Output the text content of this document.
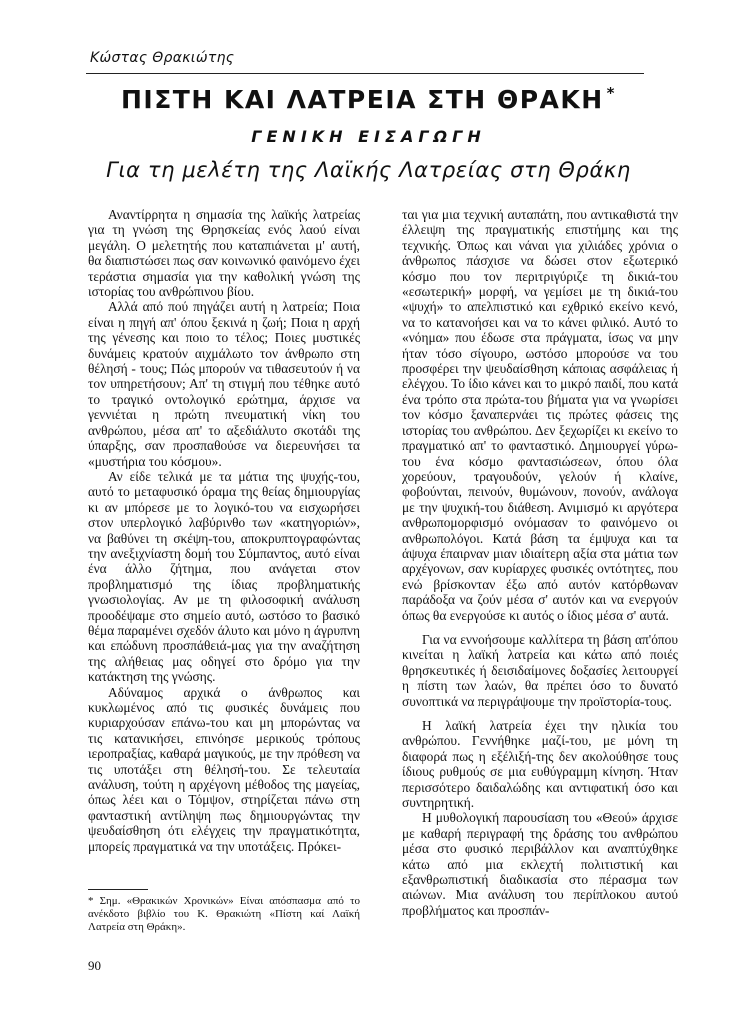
Κώστας Θρακιώτης
ΠΙΣΤΗ ΚΑΙ ΛΑΤΡΕΙΑ ΣΤΗ ΘΡΑΚΗ *
ΓΕΝΙΚΗ ΕΙΣΑΓΩΓΗ
Για τη μελέτη της Λαϊκής Λατρείας στη Θράκη

Αναντίρρητα η σημασία της λαϊκής λατρείας για τη γνώση της Θρησκείας ενός λαού είναι μεγάλη. Ο μελετητής που καταπιάνεται μ' αυτή, θα διαπιστώσει πως σαν κοινωνικό φαινόμενο έχει τεράστια σημασία για την καθολική γνώση της ιστορίας του ανθρώπινου βίου.

Αλλά από πού πηγάζει αυτή η λατρεία; Ποια είναι η πηγή απ' όπου ξεκινά η ζωή; Ποια η αρχή της γένεσης και ποιο το τέλος; Ποιες μυστικές δυνάμεις κρατούν αιχμάλωτο τον άνθρωπο στη θέλησή - τους; Πώς μπορούν να τιθασευτούν ή να τον υπηρετήσουν; Απ' τη στιγμή που τέθηκε αυτό το τραγικό οντολογικό ερώτημα, άρχισε να γεννιέται η πρώτη πνευματική νίκη του ανθρώπου, μέσα απ' το αξεδιάλυτο σκοτάδι της ύπαρξης, σαν προσπαθούσε να διερευνήσει τα «μυστήρια του κόσμου».

Αν είδε τελικά με τα μάτια της ψυχής-του, αυτό το μεταφυσικό όραμα της θείας δημιουργίας κι αν μπόρεσε με το λογικό-του να εισχωρήσει στον υπερλογικό λαβύρινθο των «κατηγοριών», να βαθύνει τη σκέψη-του, αποκρυπτογραφώντας την ανεξιχνίαστη δομή του Σύμπαντος, αυτό είναι ένα άλλο ζήτημα, που ανάγεται στον προβληματισμό της ίδιας προβληματικής γνωσιολογίας. Αν με τη φιλοσοφική ανάλυση προοδέψαμε στο σημείο αυτό, ωστόσο το βασικό θέμα παραμένει σχεδόν άλυτο και μόνο η άγρυπνη και επώδυνη προσπάθειά-μας για την αναζήτηση της αλήθειας μας οδηγεί στο δρόμο για την κατάκτηση της γνώσης.

Αδύναμος αρχικά ο άνθρωπος και κυκλωμένος από τις φυσικές δυνάμεις που κυριαρχούσαν επάνω-του και μη μπορώντας να τις κατανικήσει, επινόησε μερικούς τρόπους ιεροπραξίας, καθαρά μαγικούς, με την πρόθεση να τις υποτάξει στη θέλησή-του. Σε τελευταία ανάλυση, τούτη η αρχέγονη μέθοδος της μαγείας, όπως λέει και ο Τόμψον, στηρίζεται πάνω στη φανταστική αντίληψη πως δημιουργώντας την ψευδαίσθηση ότι ελέγχεις την πραγματικότητα, μπορείς πραγματικά να την υποτάξεις. Πρόκει-

ται για μια τεχνική αυταπάτη, που αντικαθιστά την έλλειψη της πραγματικής επιστήμης και της τεχνικής. Όπως και νάναι για χιλιάδες χρόνια ο άνθρωπος πάσχισε να δώσει στον εξωτερικό κόσμο που τον περιτριγύριζε τη δικιά-του «εσωτερική» μορφή, να γεμίσει με τη δικιά-του «ψυχή» το απελπιστικό και εχθρικό εκείνο κενό, να το κατανοήσει και να το κάνει φιλικό. Αυτό το «νόημα» που έδωσε στα πράγματα, ίσως να μην ήταν τόσο σίγουρο, ωστόσο μπορούσε να του προσφέρει την ψευδαίσθηση κάποιας ασφάλειας ή ελέγχου. Το ίδιο κάνει και το μικρό παιδί, που κατά ένα τρόπο στα πρώτα-του βήματα για να γνωρίσει τον κόσμο ξαναπερνάει τις πρώτες φάσεις της ιστορίας του ανθρώπου. Δεν ξεχωρίζει κι εκείνο το πραγματικό απ' το φανταστικό. Δημιουργεί γύρω-του ένα κόσμο φαντασιώσεων, όπου όλα χορεύουν, τραγουδούν, γελούν ή κλαίνε, φοβούνται, πεινούν, θυμώνουν, πονούν, ανάλογα με την ψυχική-του διάθεση. Ανιμισμό κι αργότερα ανθρωπομορφισμό ονόμασαν το φαινόμενο οι ανθρωπολόγοι. Κατά βάση τα έμψυχα και τα άψυχα έπαιρναν μιαν ιδιαίτερη αξία στα μάτια των αρχέγονων, σαν κυρίαρχες φυσικές οντότητες, που ενώ βρίσκονταν έξω από αυτόν κατόρθωναν παράδοξα να ζούν μέσα σ' αυτόν και να ενεργούν όπως θα ενεργούσε κι αυτός ο ίδιος μέσα σ' αυτά.

Για να εννοήσουμε καλλίτερα τη βάση απ'όπου κινείται η λαϊκή λατρεία και κάτω από ποιές θρησκευτικές ή δεισιδαίμονες δοξασίες λειτουργεί η πίστη των λαών, θα πρέπει όσο το δυνατό συνοπτικά να περιγράψουμε την προϊστορία-τους.

Η λαϊκή λατρεία έχει την ηλικία του ανθρώπου. Γεννήθηκε μαζί-του, με μόνη τη διαφορά πως η εξέλιξή-της δεν ακολούθησε τους ίδιους ρυθμούς σε μια ευθύγραμμη κίνηση. Ήταν περισσότερο δαιδαλώδης και αντιφατική όσο και συντηρητική.

Η μυθολογική παρουσίαση του «Θεού» άρχισε με καθαρή περιγραφή της δράσης του ανθρώπου μέσα στο φυσικό περιβάλλον και αναπτύχθηκε κάτω από μια εκλεχτή πολιτιστική και εξανθρωπιστική διαδικασία στο πέρασμα των αιώνων. Μια ανάλυση του περίπλοκου αυτού προβλήματος και προσπάν-

* Σημ. «Θρακικών Χρονικών» Είναι απόσπασμα από το ανέκδοτο βιβλίο του Κ. Θρακιώτη «Πίστη καί Λαϊκή Λατρεία στη Θράκη».
90
